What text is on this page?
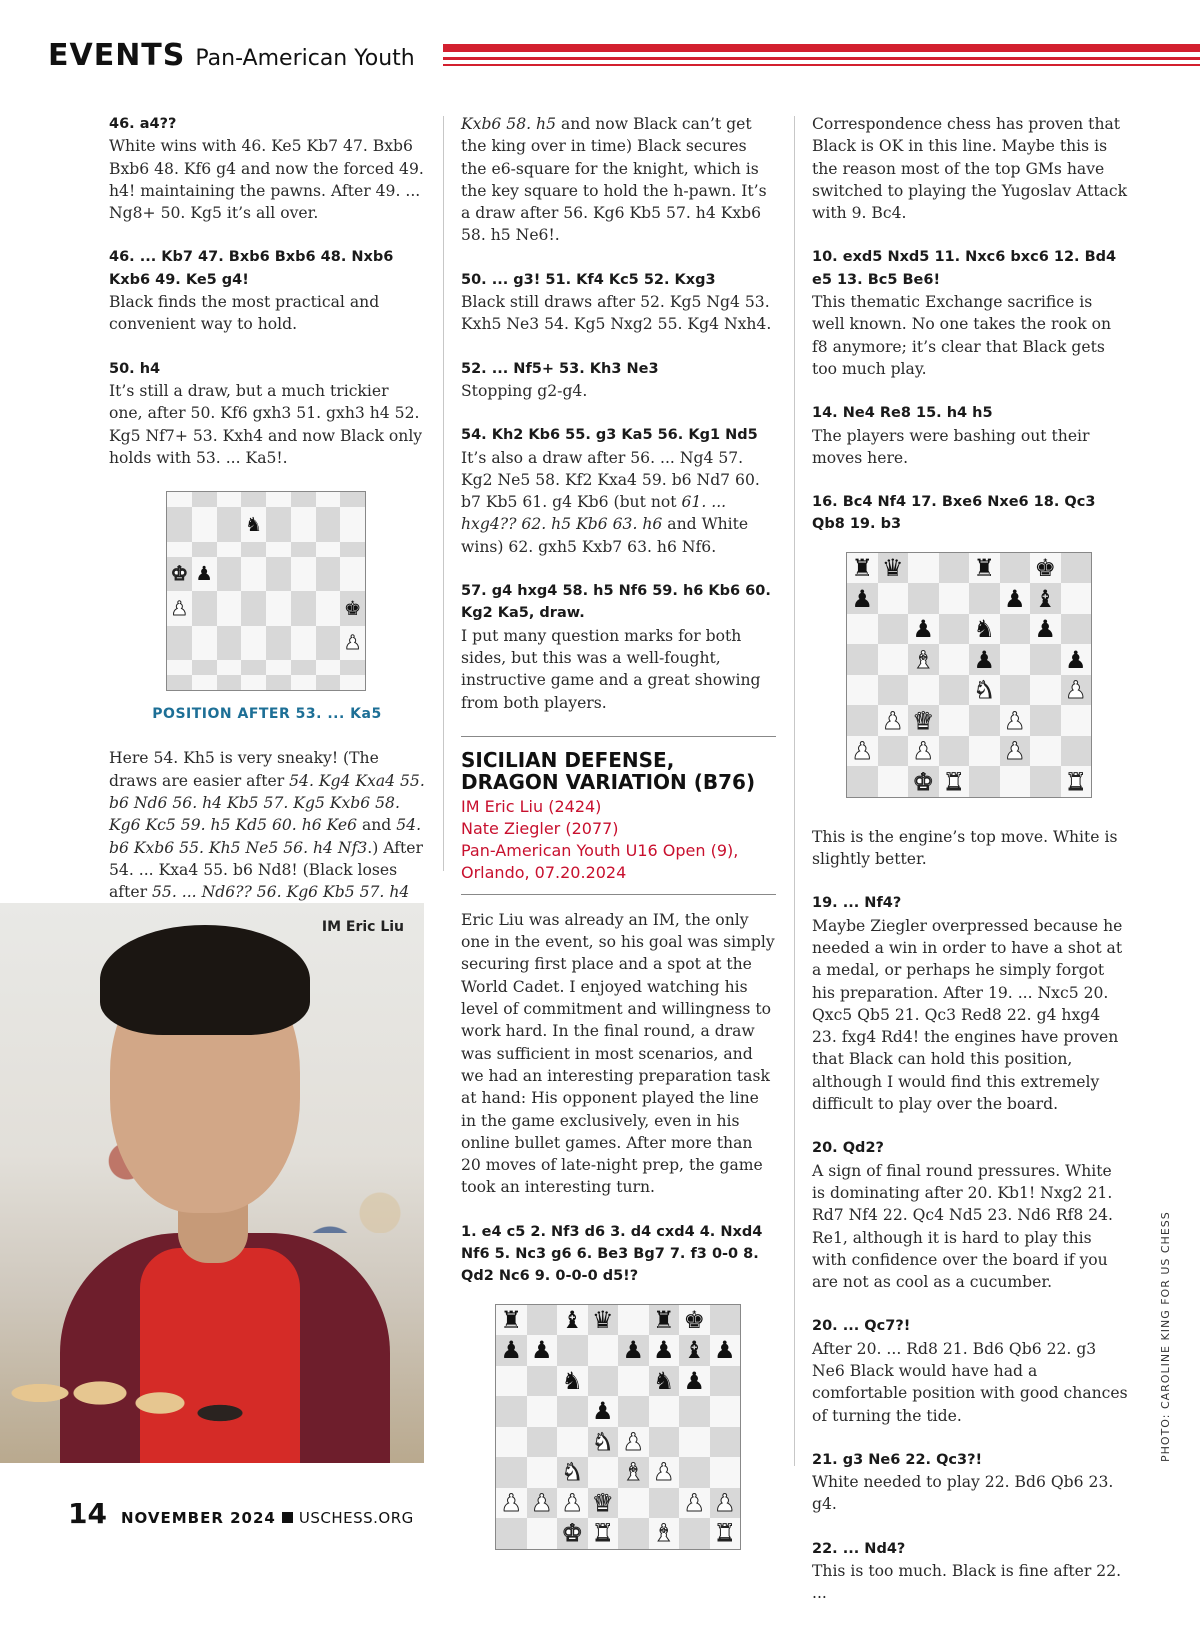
EVENTS Pan-American Youth
46. a4??

White wins with 46. Ke5 Kb7 47. Bxb6 Bxb6 48. Kf6 g4 and now the forced 49. h4! maintaining the pawns. After 49. ... Ng8+ 50. Kg5 it’s all over.

46. ... Kb7 47. Bxb6 Bxb6 48. Nxb6 Kxb6 49. Ke5 g4!

Black finds the most practical and convenient way to hold.

50. h4

It’s still a draw, but a much trickier one, after 50. Kf6 gxh3 51. gxh3 h4 52. Kg5 Nf7+ 53. Kxh4 and now Black only holds with 53. ... Ka5!.

♞
♚ ♟
♟	♚
♟
POSITION AFTER 53. ... Ka5

Here 54. Kh5 is very sneaky! (The draws are easier after 54. Kg4 Kxa4 55. b6 Nd6 56. h4 Kb5 57. Kg5 Kxb6 58. Kg6 Kc5 59. h5 Kd5 60. h6 Ke6 and 54. b6 Kxb6 55. Kh5 Ne5 56. h4 Nf3.) After 54. ... Kxa4 55. b6 Nd8! (Black loses after 55. ... Nd6?? 56. Kg6 Kb5 57. h4

IM Eric Liu

Kxb6 58. h5 and now Black can’t get the king over in time) Black secures the e6-square for the knight, which is the key square to hold the h-pawn. It’s a draw after 56. Kg6 Kb5 57. h4 Kxb6 58. h5 Ne6!.

50. ... g3! 51. Kf4 Kc5 52. Kxg3

Black still draws after 52. Kg5 Ng4 53. Kxh5 Ne3 54. Kg5 Nxg2 55. Kg4 Nxh4.

52. ... Nf5+ 53. Kh3 Ne3

Stopping g2-g4.

54. Kh2 Kb6 55. g3 Ka5 56. Kg1 Nd5

It’s also a draw after 56. ... Ng4 57. Kg2 Ne5 58. Kf2 Kxa4 59. b6 Nd7 60. b7 Kb5 61. g4 Kb6 (but not 61. ... hxg4?? 62. h5 Kb6 63. h6 and White wins) 62. gxh5 Kxb7 63. h6 Nf6.

57. g4 hxg4 58. h5 Nf6 59. h6 Kb6 60. Kg2 Ka5, draw.

I put many question marks for both sides, but this was a well-fought, instructive game and a great showing from both players.

SICILIAN DEFENSE, DRAGON VARIATION (B76)
IM Eric Liu (2424)
Nate Ziegler (2077)
Pan-American Youth U16 Open (9),
Orlando, 07.20.2024

Eric Liu was already an IM, the only one in the event, so his goal was simply securing first place and a spot at the World Cadet. I enjoyed watching his level of commitment and willingness to work hard. In the final round, a draw was sufficient in most scenarios, and we had an interesting preparation task at hand: His opponent played the line in the game exclusively, even in his online bullet games. After more than 20 moves of late-night prep, the game took an interesting turn.

1. e4 c5 2. Nf3 d6 3. d4 cxd4 4. Nxd4 Nf6 5. Nc3 g6 6. Be3 Bg7 7. f3 0-0 8. Qd2 Nc6 9. 0-0-0 d5!?
♜ ♝ ♛ ♜ ♚
♟ ♟	♟ ♟ ♝ ♟
♞	♞ ♟
♟
♞ ♟
♞ ♝ ♟
♟ ♟ ♟ ♛	♟ ♟
♚ ♜ ♝ ♜

Correspondence chess has proven that Black is OK in this line. Maybe this is the reason most of the top GMs have switched to playing the Yugoslav Attack with 9. Bc4.

10. exd5 Nxd5 11. Nxc6 bxc6 12. Bd4 e5 13. Bc5 Be6!

This thematic Exchange sacrifice is well known. No one takes the rook on f8 anymore; it’s clear that Black gets too much play.

14. Ne4 Re8 15. h4 h5

The players were bashing out their moves here.

16. Bc4 Nf4 17. Bxe6 Nxe6 18. Qc3 Qb8 19. b3
♜ ♛	♜ ♚
♟	♟ ♝
♟ ♞ ♟
♝ ♟	♟
♞	♟
♟ ♛	♟
♟ ♟	♟
♚ ♜	♜

This is the engine’s top move. White is slightly better.

19. ... Nf4?

Maybe Ziegler overpressed because he needed a win in order to have a shot at a medal, or perhaps he simply forgot his preparation. After 19. ... Nxc5 20. Qxc5 Qb5 21. Qc3 Red8 22. g4 hxg4 23. fxg4 Rd4! the engines have proven that Black can hold this position, although I would find this extremely difficult to play over the board.

20. Qd2?

A sign of final round pressures. White is dominating after 20. Kb1! Nxg2 21. Rd7 Nf4 22. Qc4 Nd5 23. Nd6 Rf8 24. Re1, although it is hard to play this with confidence over the board if you are not as cool as a cucumber.

20. ... Qc7?!

After 20. ... Rd8 21. Bd6 Qb6 22. g3 Ne6 Black would have had a comfortable position with good chances of turning the tide.

21. g3 Ne6 22. Qc3?!

White needed to play 22. Bd6 Qb6 23. g4.

22. ... Nd4?

This is too much. Black is fine after 22. ...

PHOTO: CAROLINE KING FOR US CHESS
14 NOVEMBER 2024 USCHESS.ORG
